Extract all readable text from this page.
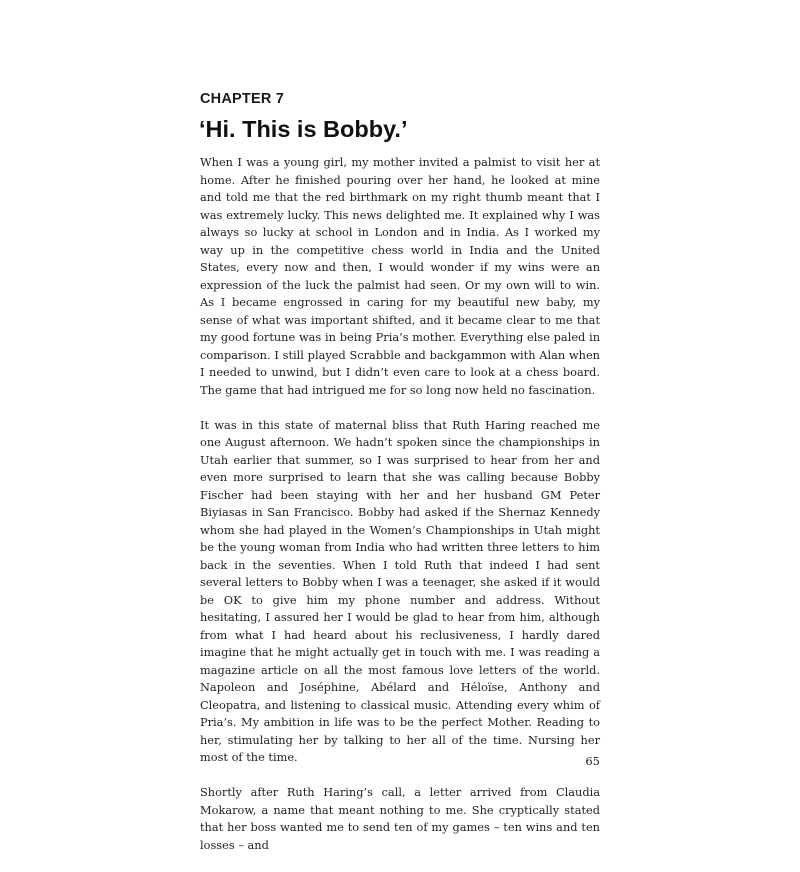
CHAPTER 7
‘Hi. This is Bobby.’

When I was a young girl, my mother invited a palmist to visit her at home. After he finished pouring over her hand, he looked at mine and told me that the red birthmark on my right thumb meant that I was extremely lucky. This news delighted me. It explained why I was always so lucky at school in London and in India. As I worked my way up in the competitive chess world in India and the United States, every now and then, I would wonder if my wins were an expression of the luck the palmist had seen. Or my own will to win. As I became engrossed in caring for my beautiful new baby, my sense of what was important shifted, and it became clear to me that my good fortune was in being Pria’s mother. Everything else paled in comparison. I still played Scrabble and backgammon with Alan when I needed to unwind, but I didn’t even care to look at a chess board. The game that had intrigued me for so long now held no fascination.

It was in this state of maternal bliss that Ruth Haring reached me one August afternoon. We hadn’t spoken since the championships in Utah earlier that summer, so I was surprised to hear from her and even more surprised to learn that she was calling because Bobby Fischer had been staying with her and her husband GM Peter Biyiasas in San Francisco. Bobby had asked if the Shernaz Kennedy whom she had played in the Women’s Championships in Utah might be the young woman from India who had written three letters to him back in the seventies. When I told Ruth that indeed I had sent several letters to Bobby when I was a teenager, she asked if it would be OK to give him my phone number and address. Without hesitating, I assured her I would be glad to hear from him, although from what I had heard about his reclusiveness, I hardly dared imagine that he might actually get in touch with me. I was reading a magazine article on all the most famous love letters of the world. Napoleon and Joséphine, Abélard and Héloïse, Anthony and Cleopatra, and listening to classical music. Attending every whim of Pria’s. My ambition in life was to be the perfect Mother. Reading to her, stimulating her by talking to her all of the time. Nursing her most of the time.

Shortly after Ruth Haring’s call, a letter arrived from Claudia Mokarow, a name that meant nothing to me. She cryptically stated that her boss wanted me to send ten of my games – ten wins and ten losses – and

65
